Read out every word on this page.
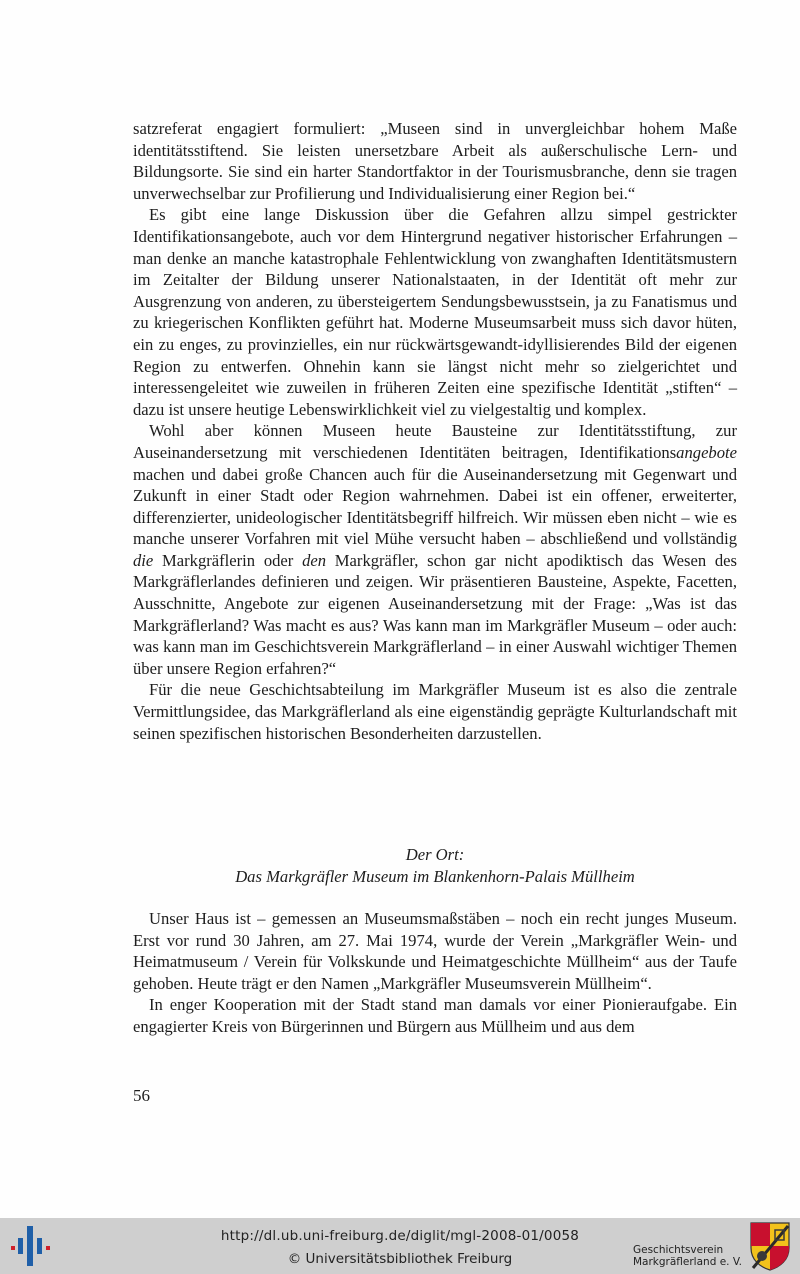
satzreferat engagiert formuliert: „Museen sind in unvergleichbar hohem Maße identitätsstiftend. Sie leisten unersetzbare Arbeit als außerschulische Lern- und Bildungsorte. Sie sind ein harter Standortfaktor in der Tourismusbranche, denn sie tragen unverwechselbar zur Profilierung und Individualisierung einer Region bei.“

Es gibt eine lange Diskussion über die Gefahren allzu simpel gestrickter Identifikationsangebote, auch vor dem Hintergrund negativer historischer Erfahrungen – man denke an manche katastrophale Fehlentwicklung von zwanghaften Identitätsmustern im Zeitalter der Bildung unserer Nationalstaaten, in der Identität oft mehr zur Ausgrenzung von anderen, zu übersteigertem Sendungsbewusstsein, ja zu Fanatismus und zu kriegerischen Konflikten geführt hat. Moderne Museumsarbeit muss sich davor hüten, ein zu enges, zu provinzielles, ein nur rückwärtsgewandt-idyllisierendes Bild der eigenen Region zu entwerfen. Ohnehin kann sie längst nicht mehr so zielgerichtet und interessengeleitet wie zuweilen in früheren Zeiten eine spezifische Identität „stiften“ – dazu ist unsere heutige Lebenswirklichkeit viel zu vielgestaltig und komplex.

Wohl aber können Museen heute Bausteine zur Identitätsstiftung, zur Auseinandersetzung mit verschiedenen Identitäten beitragen, Identifikationsangebote machen und dabei große Chancen auch für die Auseinandersetzung mit Gegenwart und Zukunft in einer Stadt oder Region wahrnehmen. Dabei ist ein offener, erweiterter, differenzierter, unideologischer Identitätsbegriff hilfreich. Wir müssen eben nicht – wie es manche unserer Vorfahren mit viel Mühe versucht haben – abschließend und vollständig die Markgräflerin oder den Markgräfler, schon gar nicht apodiktisch das Wesen des Markgräflerlandes definieren und zeigen. Wir präsentieren Bausteine, Aspekte, Facetten, Ausschnitte, Angebote zur eigenen Auseinandersetzung mit der Frage: „Was ist das Markgräflerland? Was macht es aus? Was kann man im Markgräfler Museum – oder auch: was kann man im Geschichtsverein Markgräflerland – in einer Auswahl wichtiger Themen über unsere Region erfahren?“

Für die neue Geschichtsabteilung im Markgräfler Museum ist es also die zentrale Vermittlungsidee, das Markgräflerland als eine eigenständig geprägte Kulturlandschaft mit seinen spezifischen historischen Besonderheiten darzustellen.

Der Ort:
Das Markgräfler Museum im Blankenhorn-Palais Müllheim

Unser Haus ist – gemessen an Museumsmaßstäben – noch ein recht junges Museum. Erst vor rund 30 Jahren, am 27. Mai 1974, wurde der Verein „Markgräfler Wein- und Heimatmuseum / Verein für Volkskunde und Heimatgeschichte Müllheim“ aus der Taufe gehoben. Heute trägt er den Namen „Markgräfler Museumsverein Müllheim“.

In enger Kooperation mit der Stadt stand man damals vor einer Pionieraufgabe. Ein engagierter Kreis von Bürgerinnen und Bürgern aus Müllheim und aus dem

56
http://dl.ub.uni-freiburg.de/diglit/mgl-2008-01/0058
© Universitätsbibliothek Freiburg
Geschichtsverein
Markgräflerland e. V.
